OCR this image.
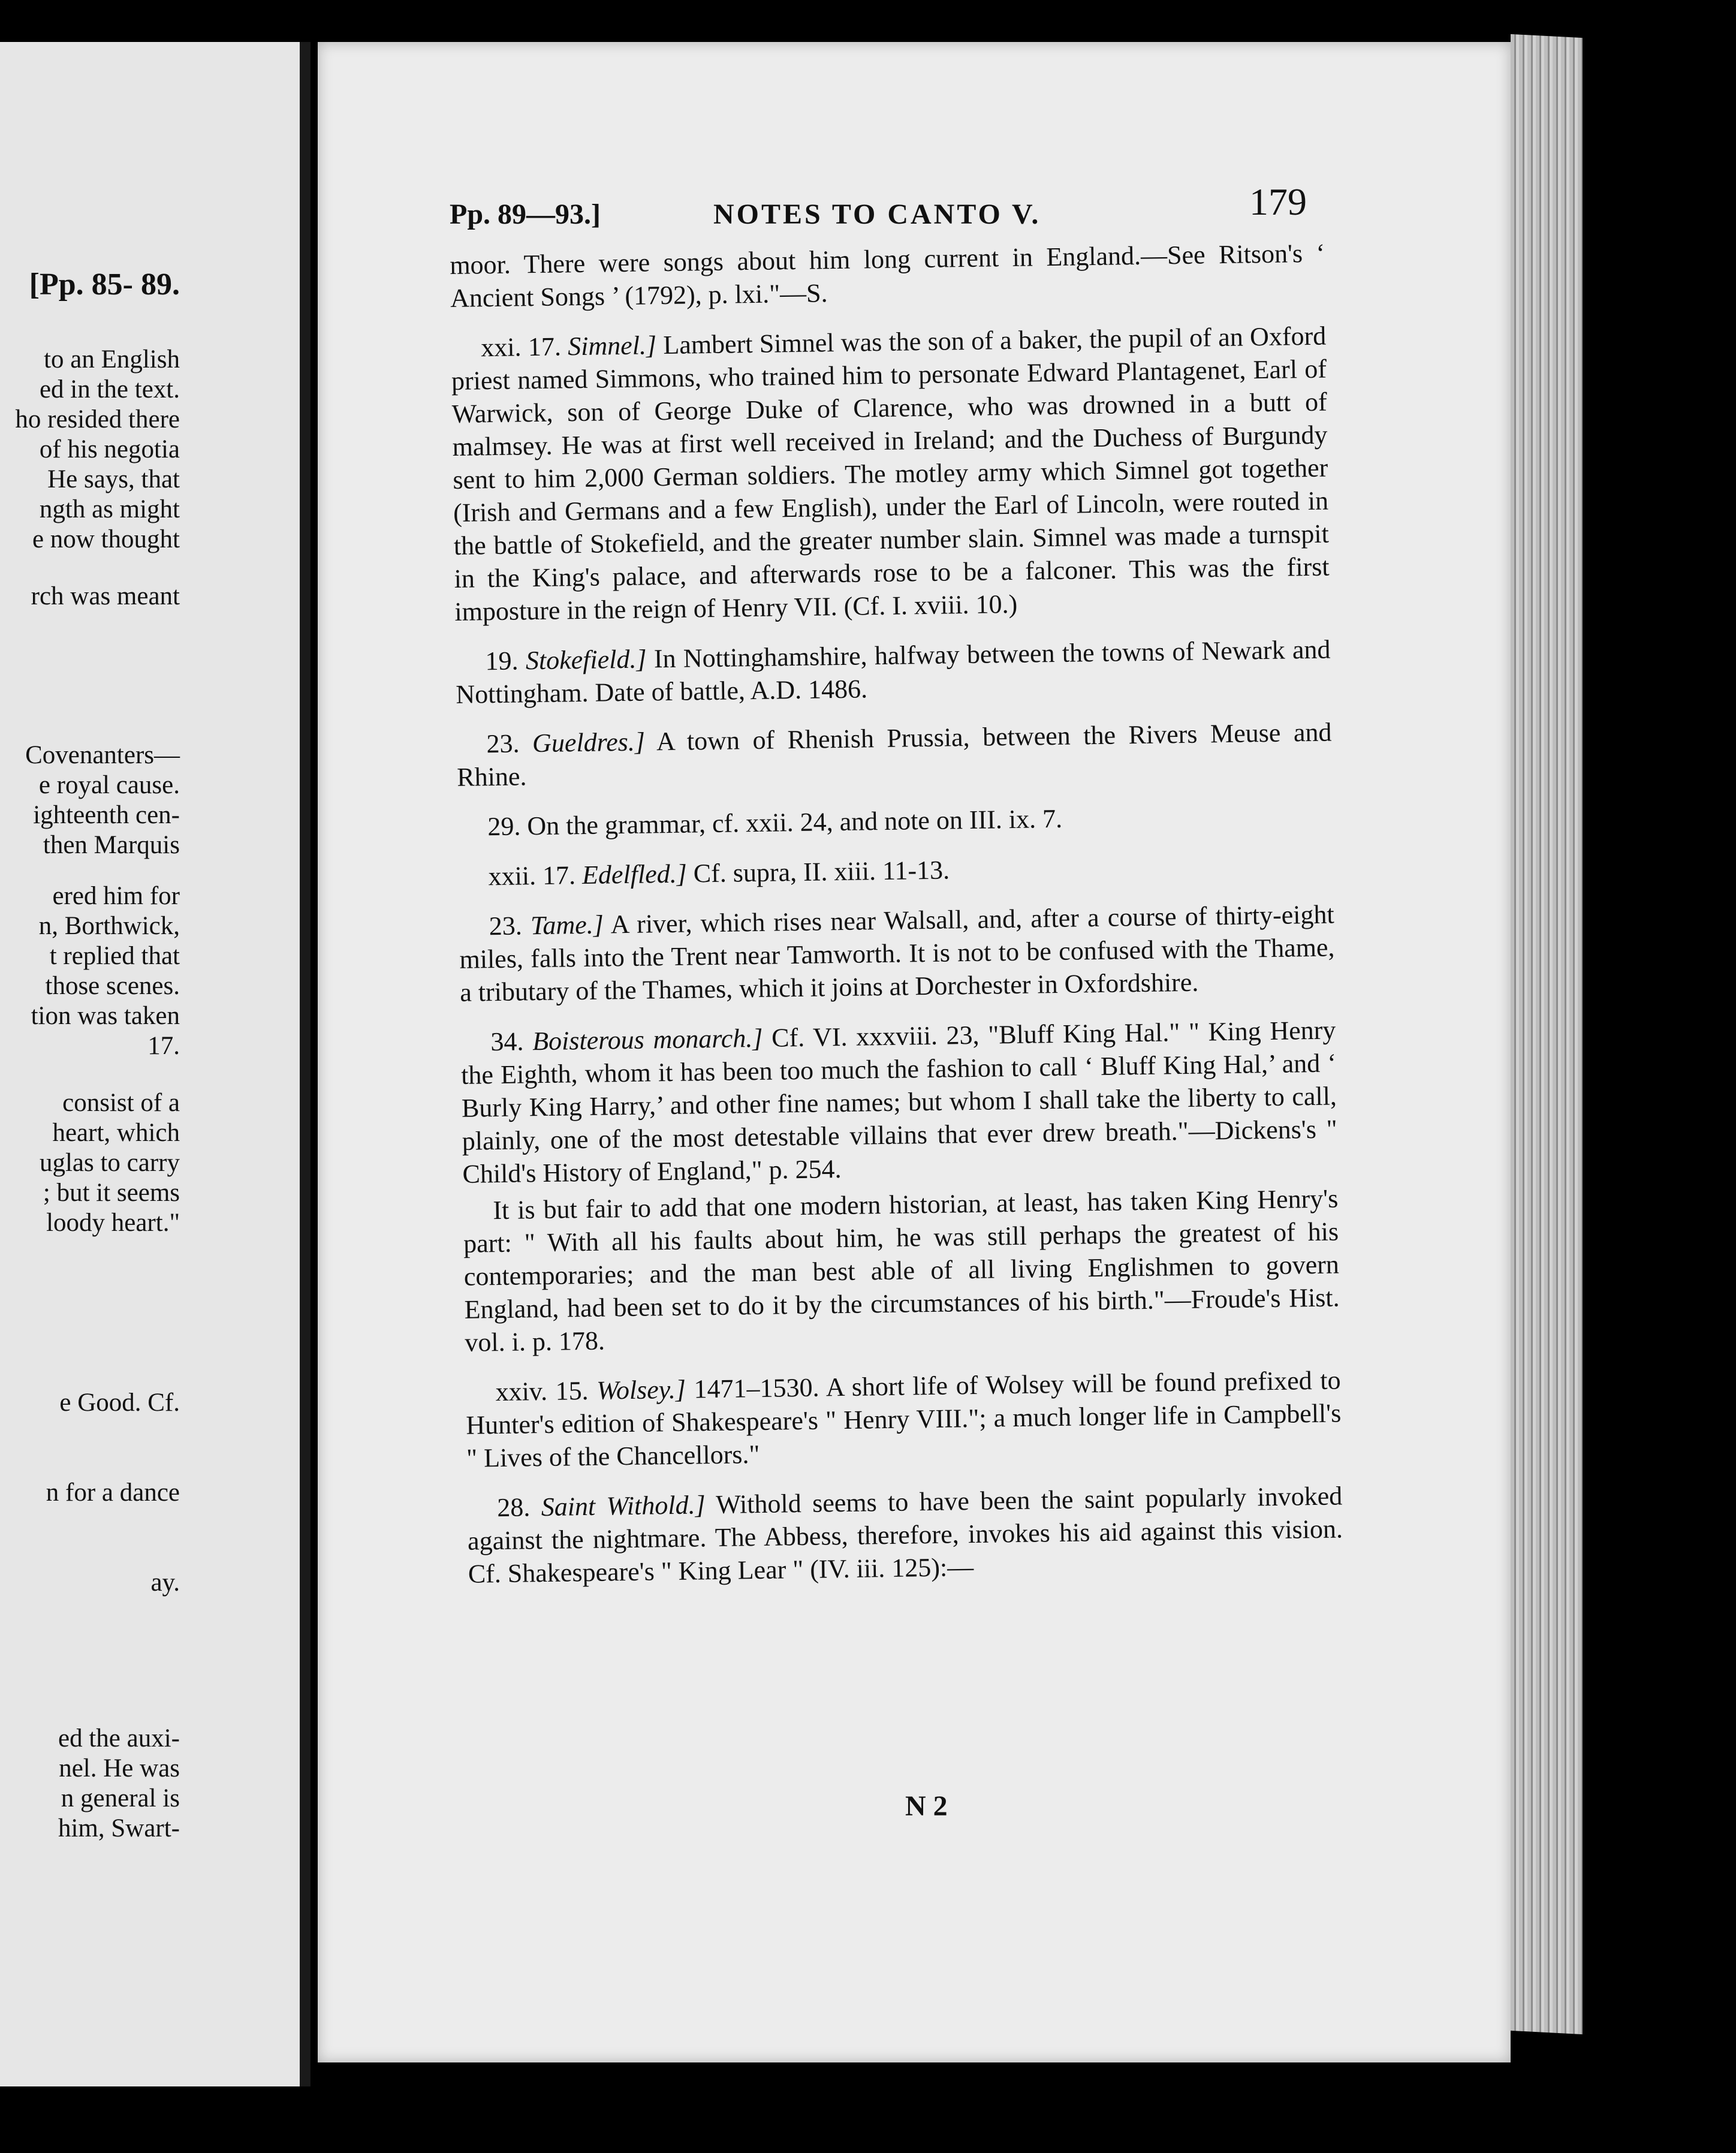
[Pp. 85- 89.
to an English
ed in the text.
ho resided there
of his negotia
He says, that
ngth as might
e now thought
rch was meant
Covenanters—
e royal cause.
ighteenth cen-
then Marquis
ered him for
n, Borthwick,
t replied that
those scenes.
tion was taken
17.
consist of a
heart, which
uglas to carry
; but it seems
loody heart."
e Good. Cf.
n for a dance
ay.
ed the auxi-
nel. He was
n general is
him, Swart-
Pp. 89—93.]	NOTES TO CANTO V.	179

moor. There were songs about him long current in England.—See Ritson's ‘ Ancient Songs ’ (1792), p. lxi."—S.

xxi. 17. Simnel.] Lambert Simnel was the son of a baker, the pupil of an Oxford priest named Simmons, who trained him to personate Edward Plantagenet, Earl of Warwick, son of George Duke of Clarence, who was drowned in a butt of malmsey. He was at first well received in Ireland; and the Duchess of Burgundy sent to him 2,000 German soldiers. The motley army which Simnel got together (Irish and Germans and a few English), under the Earl of Lincoln, were routed in the battle of Stokefield, and the greater number slain. Simnel was made a turnspit in the King's palace, and afterwards rose to be a falconer. This was the first imposture in the reign of Henry VII. (Cf. I. xviii. 10.)

19. Stokefield.] In Nottinghamshire, halfway between the towns of Newark and Nottingham. Date of battle, A.D. 1486.

23. Gueldres.] A town of Rhenish Prussia, between the Rivers Meuse and Rhine.

29. On the grammar, cf. xxii. 24, and note on III. ix. 7.

xxii. 17. Edelfled.] Cf. supra, II. xiii. 11-13.

23. Tame.] A river, which rises near Walsall, and, after a course of thirty-eight miles, falls into the Trent near Tamworth. It is not to be confused with the Thame, a tributary of the Thames, which it joins at Dorchester in Oxfordshire.

34. Boisterous monarch.] Cf. VI. xxxviii. 23, "Bluff King Hal." " King Henry the Eighth, whom it has been too much the fashion to call ‘ Bluff King Hal,’ and ‘ Burly King Harry,’ and other fine names; but whom I shall take the liberty to call, plainly, one of the most detestable villains that ever drew breath."—Dickens's " Child's History of England," p. 254.

It is but fair to add that one modern historian, at least, has taken King Henry's part: " With all his faults about him, he was still perhaps the greatest of his contemporaries; and the man best able of all living Englishmen to govern England, had been set to do it by the circumstances of his birth."—Froude's Hist. vol. i. p. 178.

xxiv. 15. Wolsey.] 1471–1530. A short life of Wolsey will be found prefixed to Hunter's edition of Shakespeare's " Henry VIII."; a much longer life in Campbell's " Lives of the Chancellors."

28. Saint Withold.] Withold seems to have been the saint popularly invoked against the nightmare. The Abbess, therefore, invokes his aid against this vision. Cf. Shakespeare's " King Lear " (IV. iii. 125):—

N 2
